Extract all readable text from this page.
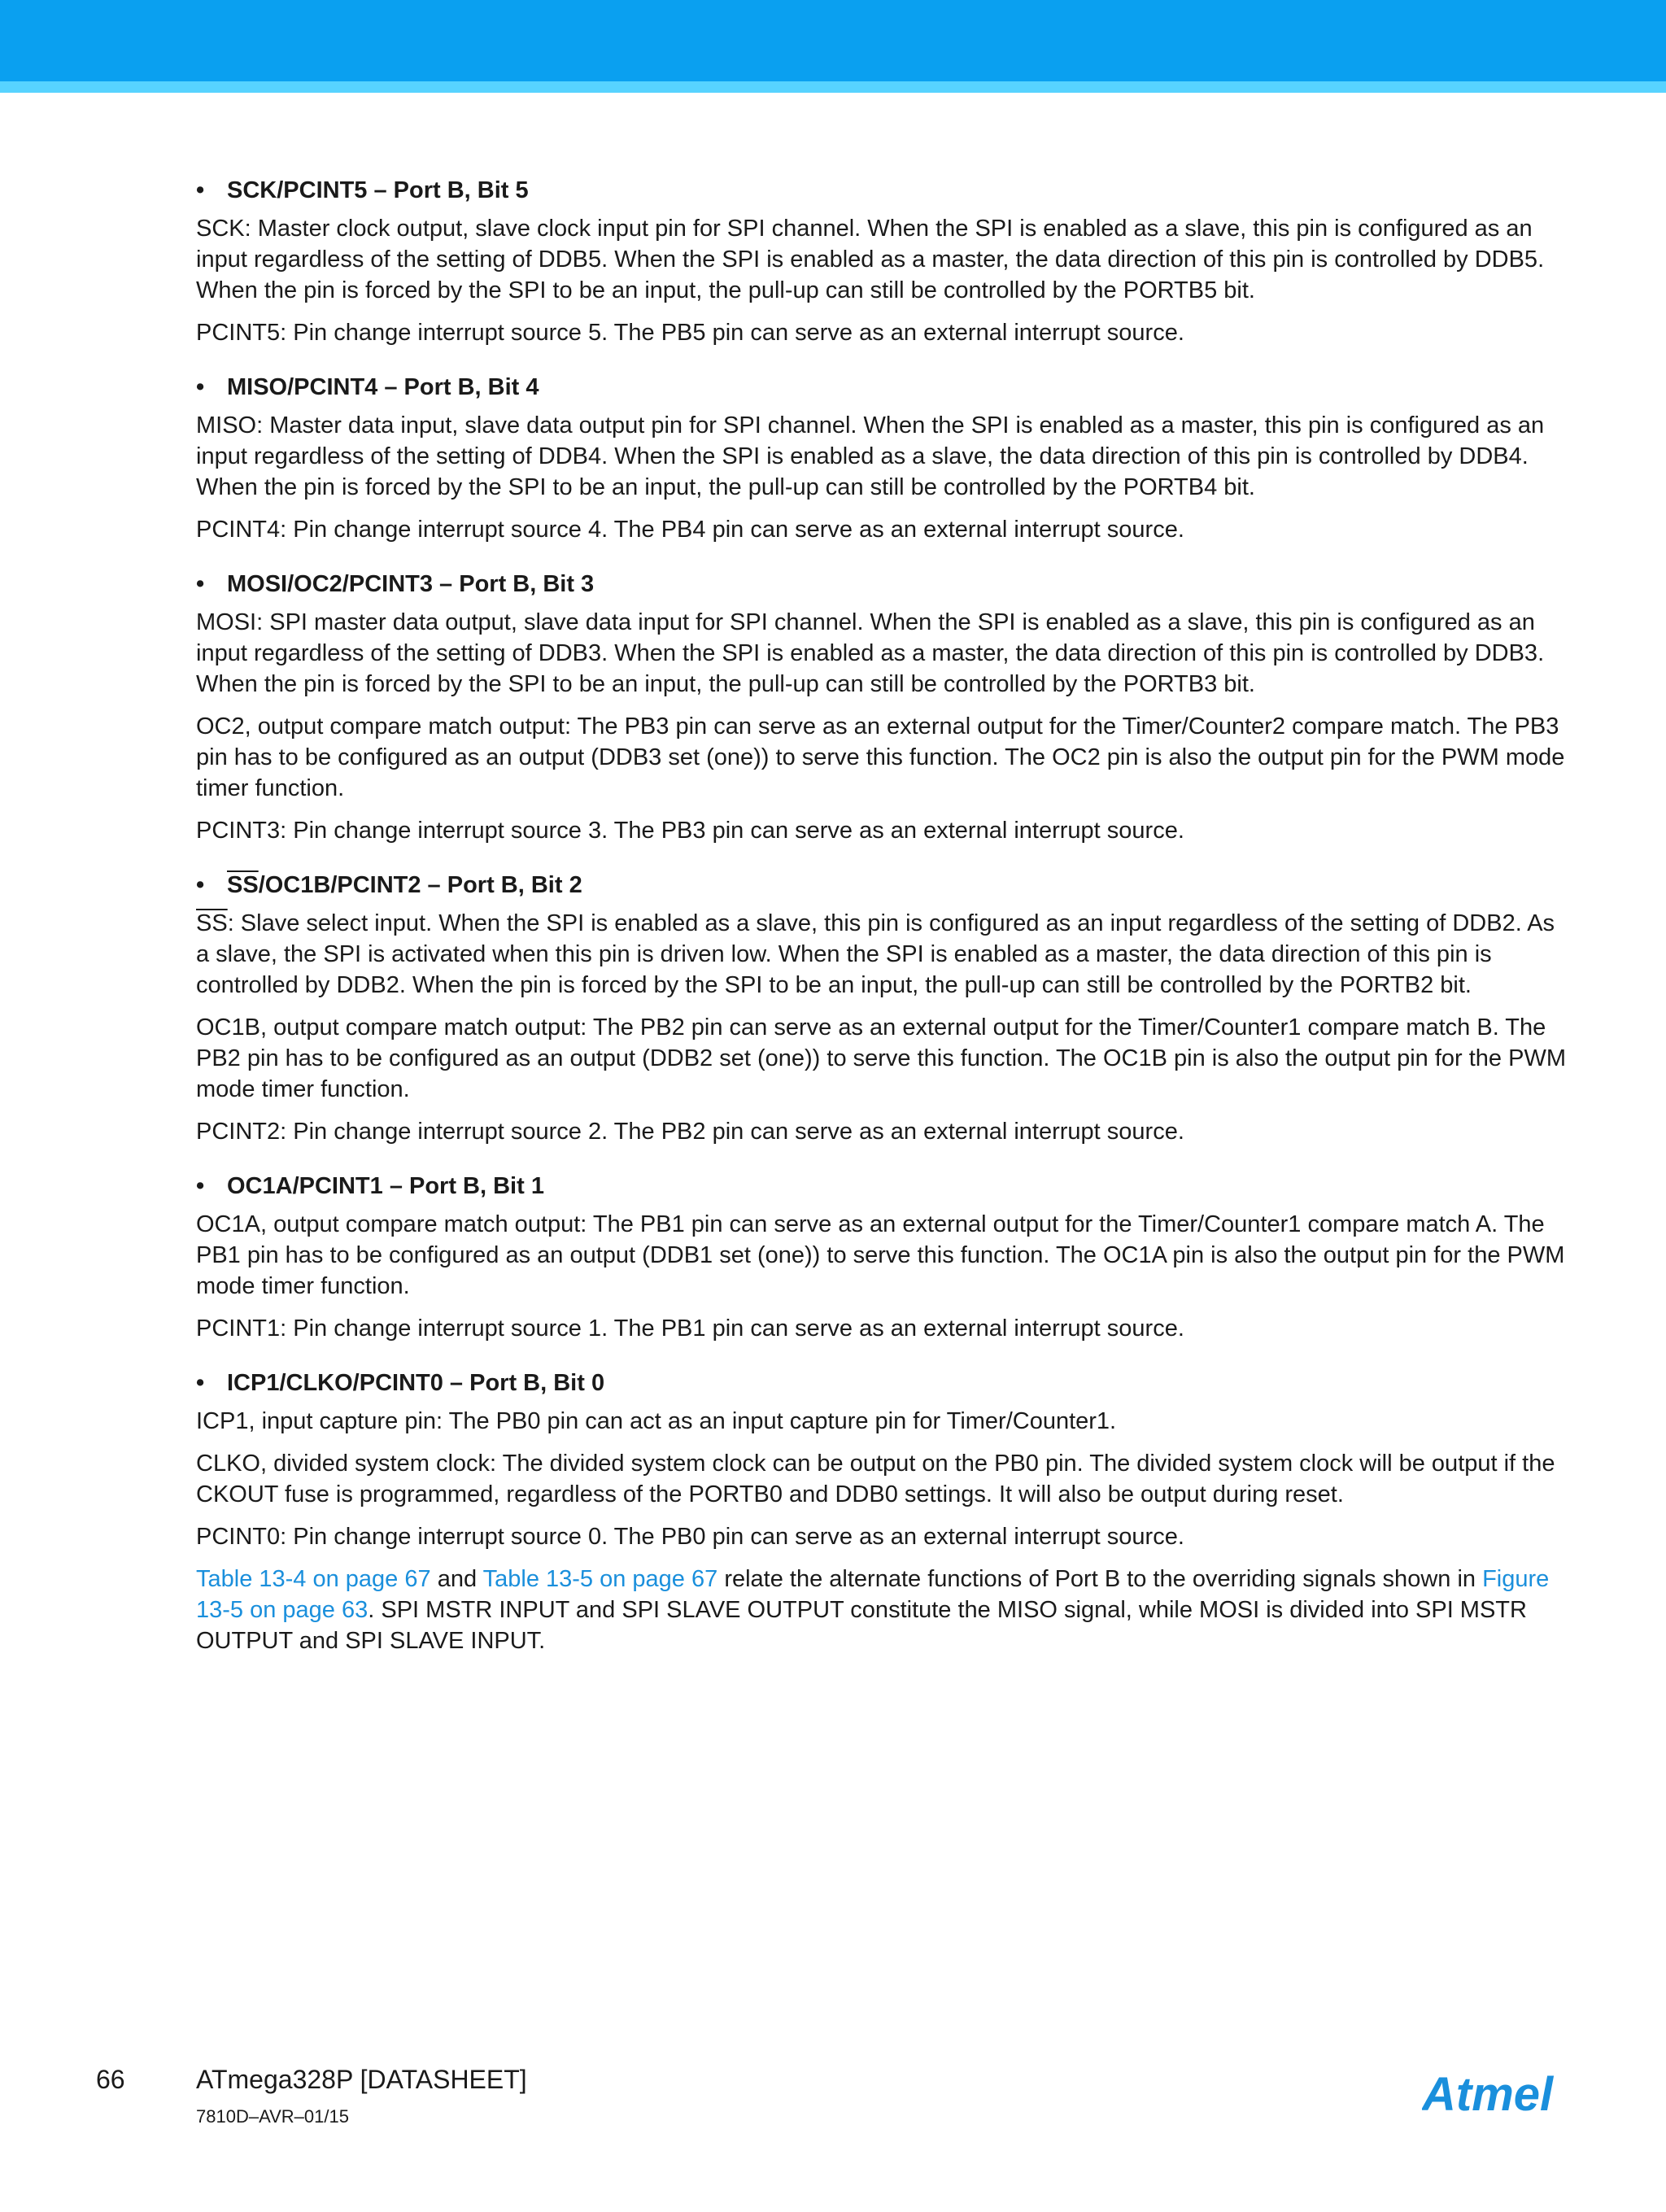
• SCK/PCINT5 – Port B, Bit 5

SCK: Master clock output, slave clock input pin for SPI channel. When the SPI is enabled as a slave, this pin is configured as an input regardless of the setting of DDB5. When the SPI is enabled as a master, the data direction of this pin is controlled by DDB5. When the pin is forced by the SPI to be an input, the pull-up can still be controlled by the PORTB5 bit.

PCINT5: Pin change interrupt source 5. The PB5 pin can serve as an external interrupt source.

• MISO/PCINT4 – Port B, Bit 4

MISO: Master data input, slave data output pin for SPI channel. When the SPI is enabled as a master, this pin is configured as an input regardless of the setting of DDB4. When the SPI is enabled as a slave, the data direction of this pin is controlled by DDB4. When the pin is forced by the SPI to be an input, the pull-up can still be controlled by the PORTB4 bit.

PCINT4: Pin change interrupt source 4. The PB4 pin can serve as an external interrupt source.

• MOSI/OC2/PCINT3 – Port B, Bit 3

MOSI: SPI master data output, slave data input for SPI channel. When the SPI is enabled as a slave, this pin is configured as an input regardless of the setting of DDB3. When the SPI is enabled as a master, the data direction of this pin is controlled by DDB3. When the pin is forced by the SPI to be an input, the pull-up can still be controlled by the PORTB3 bit.

OC2, output compare match output: The PB3 pin can serve as an external output for the Timer/Counter2 compare match. The PB3 pin has to be configured as an output (DDB3 set (one)) to serve this function. The OC2 pin is also the output pin for the PWM mode timer function.

PCINT3: Pin change interrupt source 3. The PB3 pin can serve as an external interrupt source.

• $\overline{SS}/OC1B/PCINT2$ – Port B, Bit 2

$\overline{SS}$: Slave select input. When the SPI is enabled as a slave, this pin is configured as an input regardless of the setting of DDB2. As a slave, the SPI is activated when this pin is driven low. When the SPI is enabled as a master, the data direction of this pin is controlled by DDB2. When the pin is forced by the SPI to be an input, the pull-up can still be controlled by the PORTB2 bit.

OC1B, output compare match output: The PB2 pin can serve as an external output for the Timer/Counter1 compare match B. The PB2 pin has to be configured as an output (DDB2 set (one)) to serve this function. The OC1B pin is also the output pin for the PWM mode timer function.

PCINT2: Pin change interrupt source 2. The PB2 pin can serve as an external interrupt source.

• OC1A/PCINT1 – Port B, Bit 1

OC1A, output compare match output: The PB1 pin can serve as an external output for the Timer/Counter1 compare match A. The PB1 pin has to be configured as an output (DDB1 set (one)) to serve this function. The OC1A pin is also the output pin for the PWM mode timer function.

PCINT1: Pin change interrupt source 1. The PB1 pin can serve as an external interrupt source.

• ICP1/CLKO/PCINT0 – Port B, Bit 0

ICP1, input capture pin: The PB0 pin can act as an input capture pin for Timer/Counter1.

CLKO, divided system clock: The divided system clock can be output on the PB0 pin. The divided system clock will be output if the CKOUT fuse is programmed, regardless of the PORTB0 and DDB0 settings. It will also be output during reset.

PCINT0: Pin change interrupt source 0. The PB0 pin can serve as an external interrupt source.

Table 13-4 on page 67 and Table 13-5 on page 67 relate the alternate functions of Port B to the overriding signals shown in Figure 13-5 on page 63. SPI MSTR INPUT and SPI SLAVE OUTPUT constitute the MISO signal, while MOSI is divided into SPI MSTR OUTPUT and SPI SLAVE INPUT.

66	ATmega328P [DATASHEET]
7810D–AVR–01/15	Atmel
